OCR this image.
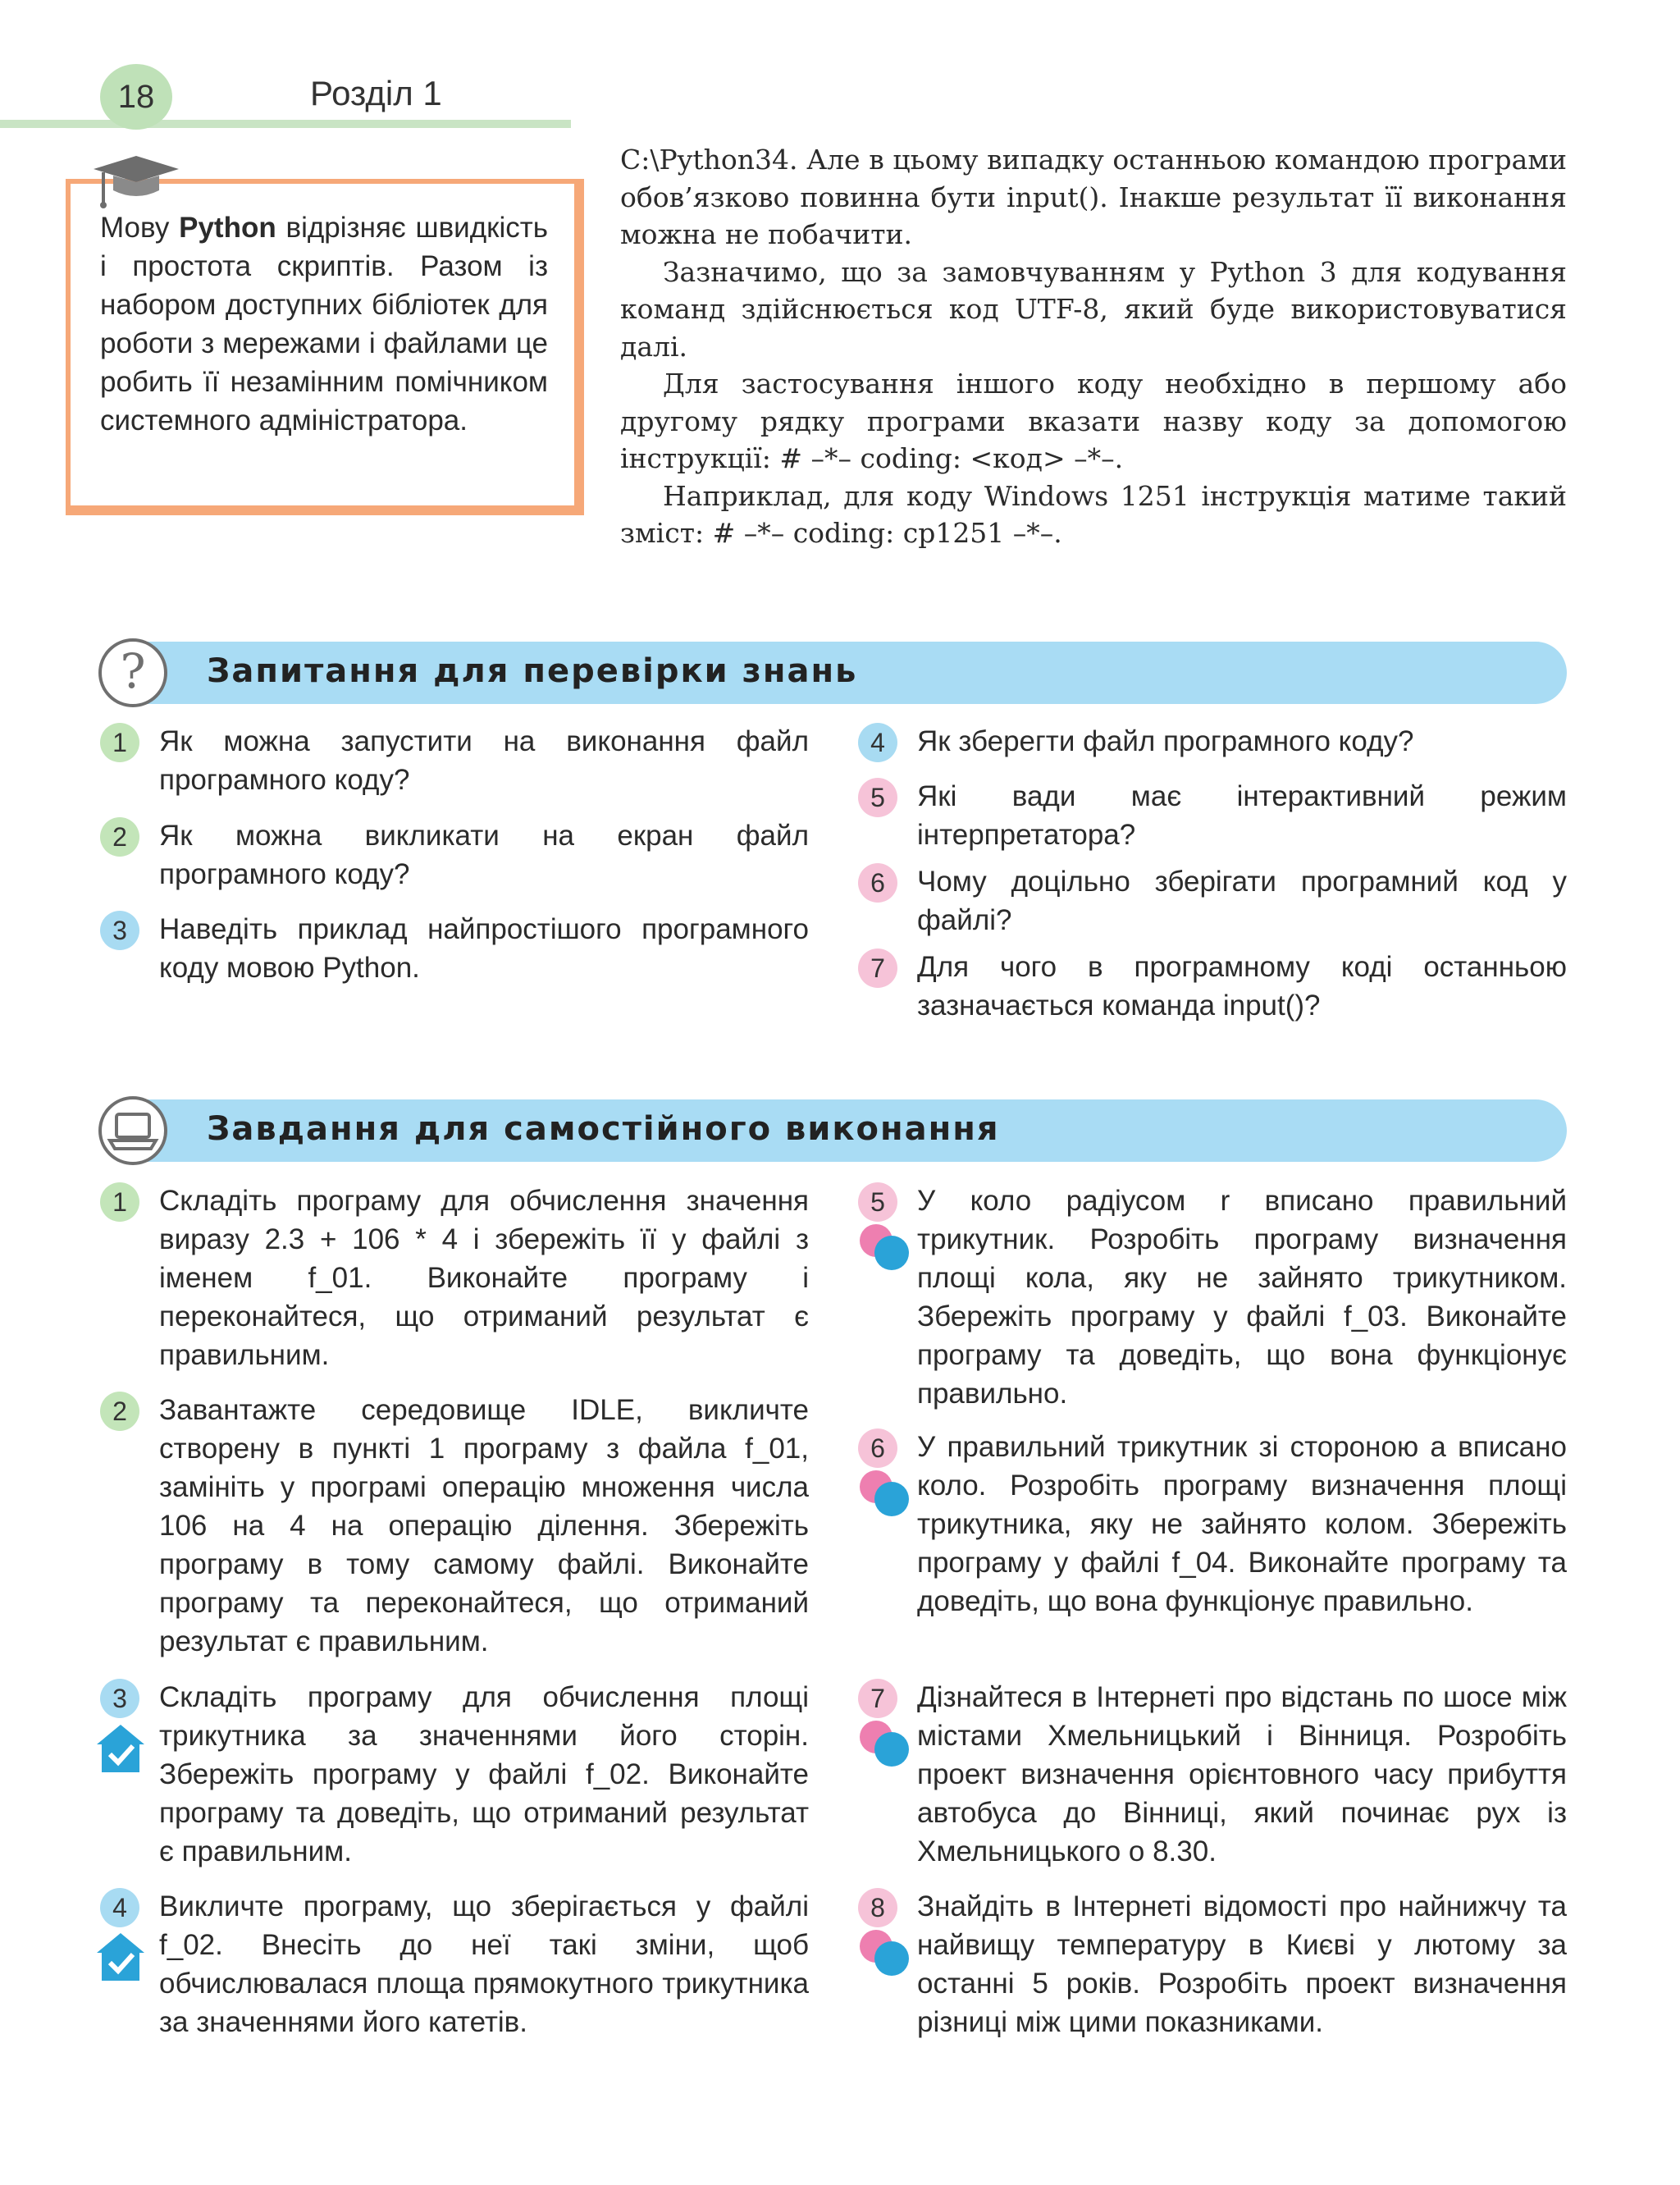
18	Розділ 1
Мову Python відрізняє швидкість і простота скриптів. Разом із набором доступних бібліотек для роботи з мережами і файлами це робить її незамінним помічником системного адміністратора.

C:\Python34. Але в цьому випадку останньою командою програми обов’язково повинна бути input(). Інакше результат її виконання можна не побачити.

Зазначимо, що за замовчуванням у Python 3 для кодування команд здійснюється код UTF-8, який буде використовуватися далі.

Для застосування іншого коду необхідно в першому або другому рядку програми вказати назву коду за допомогою інструкції: # –*– coding: <код> –*–.

Наприклад, для коду Windows 1251 інструкція матиме такий зміст: # –*– coding: cp1251 –*–.

? Запитання для перевірки знань
1	Як можна запустити на виконання файл програмного коду?
2	Як можна викликати на екран файл програмного коду?
3	Наведіть приклад найпростішого програмного коду мовою Python.
4	Як зберегти файл програмного коду?
5	Які вади має інтерактивний режим інтерпретатора?
6	Чому доцільно зберігати програмний код у файлі?
7	Для чого в програмному коді останньою зазначається команда input()?
Завдання для самостійного виконання
1	Складіть програму для обчислення значення виразу 2.3 + 106 * 4 і збережіть її у файлі з іменем f_01. Виконайте програму і переконайтеся, що отриманий результат є правильним.
2	Завантажте середовище IDLE, викличте створену в пункті 1 програму з файла f_01, замініть у програмі операцію множення числа 106 на 4 на операцію ділення. Збережіть програму в тому самому файлі. Виконайте програму та переконайтеся, що отриманий результат є правильним.
3	Складіть програму для обчислення площі трикутника за значеннями його сторін. Збережіть програму у файлі f_02. Виконайте програму та доведіть, що отриманий результат є правильним.
4	Викличте програму, що зберігається у файлі f_02. Внесіть до неї такі зміни, щоб обчислювалася площа прямокутного трикутника за значеннями його катетів.
5	У коло радіусом r вписано правильний трикутник. Розробіть програму визначення площі кола, яку не зайнято трикутником. Збережіть програму у файлі f_03. Виконайте програму та доведіть, що вона функціонує правильно.
6	У правильний трикутник зі стороною a вписано коло. Розробіть програму визначення площі трикутника, яку не зайнято колом. Збережіть програму у файлі f_04. Виконайте програму та доведіть, що вона функціонує правильно.
7	Дізнайтеся в Інтернеті про відстань по шосе між містами Хмельницький і Вінниця. Розробіть проект визначення орієнтовного часу прибуття автобуса до Вінниці, який починає рух із Хмельницького о 8.30.
8	Знайдіть в Інтернеті відомості про найнижчу та найвищу температуру в Києві у лютому за останні 5 років. Розробіть проект визначення різниці між цими показниками.
